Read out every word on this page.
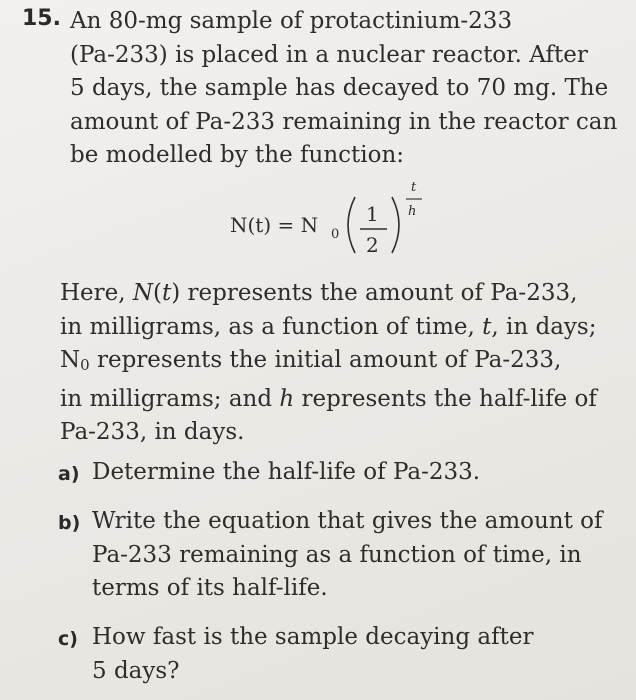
15. An 80-mg sample of protactinium-233
(Pa-233) is placed in a nuclear reactor. After
5 days, the sample has decayed to 70 mg. The
amount of Pa-233 remaining in the reactor can
be modelled by the function:
N(t) = N 0
1
2
t
h
Here, N(t) represents the amount of Pa-233,
in milligrams, as a function of time, t, in days;
$N_0$ represents the initial amount of Pa-233,
in milligrams; and h represents the half-life of
Pa-233, in days.
a) Determine the half-life of Pa-233.
b) Write the equation that gives the amount of
Pa-233 remaining as a function of time, in
terms of its half-life.
c) How fast is the sample decaying after
5 days?
